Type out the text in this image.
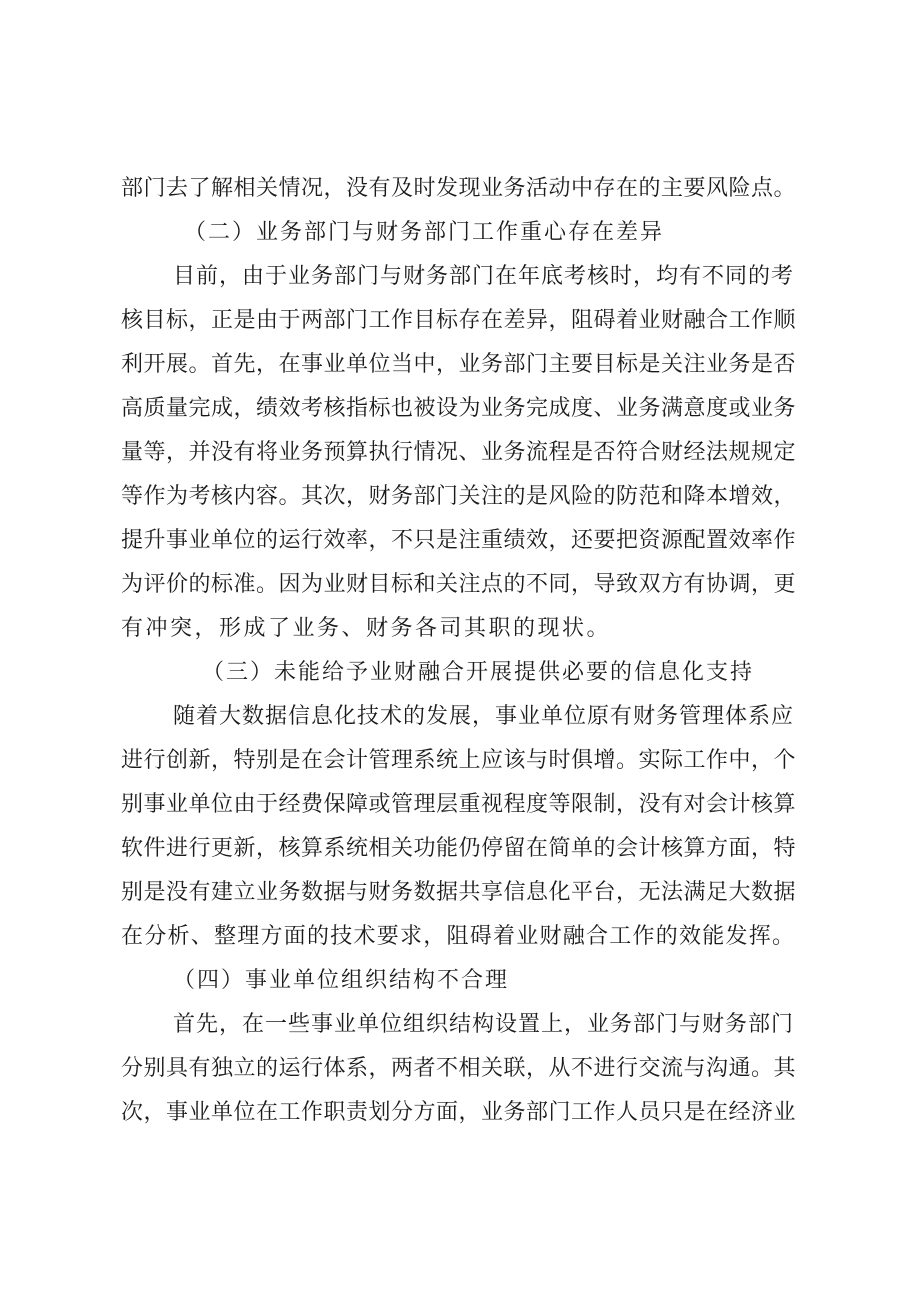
部门去了解相关情况，没有及时发现业务活动中存在的主要风险点。
（二）业务部门与财务部门工作重心存在差异
目前，由于业务部门与财务部门在年底考核时，均有不同的考
核目标，正是由于两部门工作目标存在差异，阻碍着业财融合工作顺
利开展。首先，在事业单位当中，业务部门主要目标是关注业务是否
高质量完成，绩效考核指标也被设为业务完成度、业务满意度或业务
量等，并没有将业务预算执行情况、业务流程是否符合财经法规规定
等作为考核内容。其次，财务部门关注的是风险的防范和降本增效，
提升事业单位的运行效率，不只是注重绩效，还要把资源配置效率作
为评价的标准。因为业财目标和关注点的不同，导致双方有协调，更
有冲突，形成了业务、财务各司其职的现状。
（三）未能给予业财融合开展提供必要的信息化支持
随着大数据信息化技术的发展，事业单位原有财务管理体系应
进行创新，特别是在会计管理系统上应该与时俱增。实际工作中，个
别事业单位由于经费保障或管理层重视程度等限制，没有对会计核算
软件进行更新，核算系统相关功能仍停留在简单的会计核算方面，特
别是没有建立业务数据与财务数据共享信息化平台，无法满足大数据
在分析、整理方面的技术要求，阻碍着业财融合工作的效能发挥。
（四）事业单位组织结构不合理
首先，在一些事业单位组织结构设置上，业务部门与财务部门
分别具有独立的运行体系，两者不相关联，从不进行交流与沟通。其
次，事业单位在工作职责划分方面，业务部门工作人员只是在经济业
